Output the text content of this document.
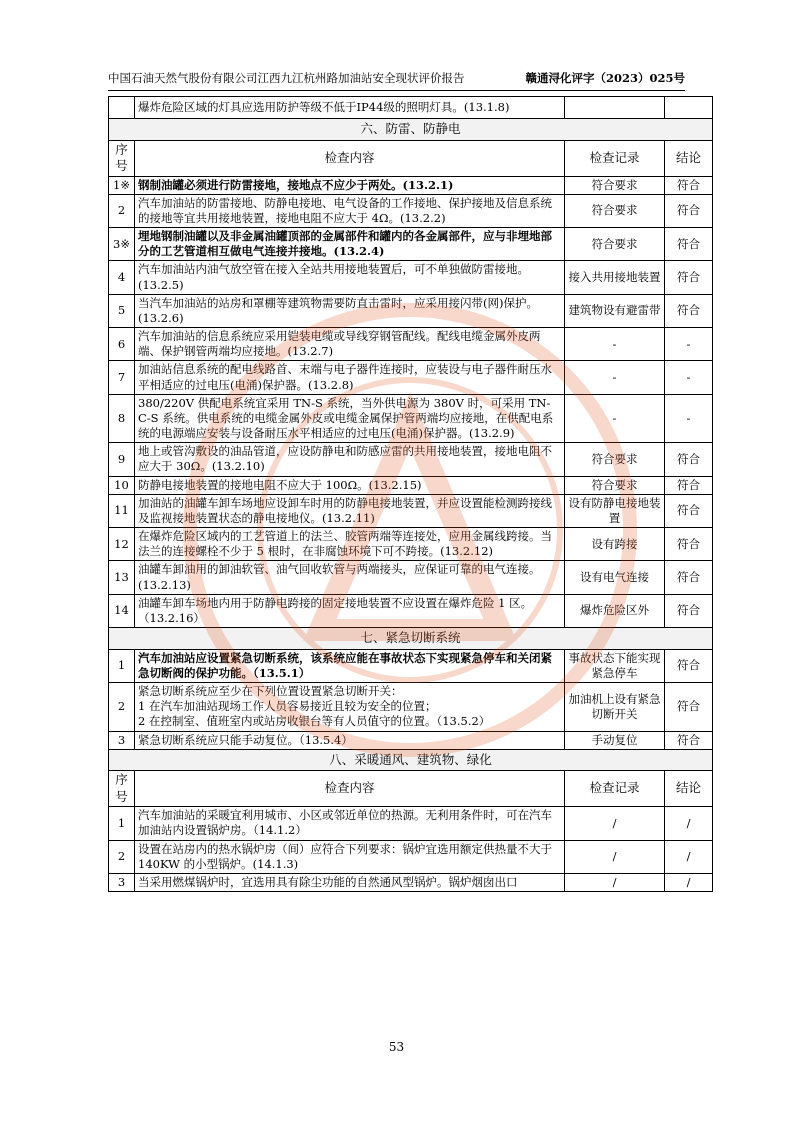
中国石油天然气股份有限公司江西九江杭州路加油站安全现状评价报告	赣通浔化评字（2023）025号
	爆炸危险区域的灯具应选用防护等级不低于IP44级的照明灯具。(13.1.8)		
六、防雷、防静电			
序号	检查内容	检查记录	结论
1※	钢制油罐必须进行防雷接地，接地点不应少于两处。(13.2.1)	符合要求	符合
2	汽车加油站的防雷接地、防静电接地、电气设备的工作接地、保护接地及信息系统的接地等宜共用接地装置，接地电阻不应大于 4Ω。(13.2.2)	符合要求	符合
3※	埋地钢制油罐以及非金属油罐顶部的金属部件和罐内的各金属部件，应与非埋地部分的工艺管道相互做电气连接并接地。(13.2.4)	符合要求	符合
4	汽车加油站内油气放空管在接入全站共用接地装置后，可不单独做防雷接地。(13.2.5)	接入共用接地装置	符合
5	当汽车加油站的站房和罩棚等建筑物需要防直击雷时，应采用接闪带(网)保护。(13.2.6)	建筑物设有避雷带	符合
6	汽车加油站的信息系统应采用铠装电缆或导线穿钢管配线。配线电缆金属外皮两端、保护钢管两端均应接地。(13.2.7)	-	-
7	加油站信息系统的配电线路首、末端与电子器件连接时，应装设与电子器件耐压水平相适应的过电压(电涌)保护器。(13.2.8)	-	-
8	380/220V 供配电系统宜采用 TN-S 系统，当外供电源为 380V 时，可采用 TN-C-S 系统。供电系统的电缆金属外皮或电缆金属保护管两端均应接地，在供配电系统的电源端应安装与设备耐压水平相适应的过电压(电涌)保护器。(13.2.9)	-	-
9	地上或管沟敷设的油品管道，应设防静电和防感应雷的共用接地装置，接地电阻不应大于 30Ω。(13.2.10)	符合要求	符合
10	防静电接地装置的接地电阻不应大于 100Ω。(13.2.15)	符合要求	符合
11	加油站的油罐车卸车场地应设卸车时用的防静电接地装置，并应设置能检测跨接线及监视接地装置状态的静电接地仪。(13.2.11)	设有防静电接地装置	符合
12	在爆炸危险区域内的工艺管道上的法兰、胶管两端等连接处，应用金属线跨接。当法兰的连接螺栓不少于 5 根时，在非腐蚀环境下可不跨接。(13.2.12)	设有跨接	符合
13	油罐车卸油用的卸油软管、油气回收软管与两端接头，应保证可靠的电气连接。(13.2.13)	设有电气连接	符合
14	油罐车卸车场地内用于防静电跨接的固定接地装置不应设置在爆炸危险 1 区。（13.2.16）	爆炸危险区外	符合
七、紧急切断系统			
1	汽车加油站应设置紧急切断系统，该系统应能在事故状态下实现紧急停车和关闭紧急切断阀的保护功能。（13.5.1）	事故状态下能实现紧急停车	符合
2	紧急切断系统应至少在下列位置设置紧急切断开关：
1 在汽车加油站现场工作人员容易接近且较为安全的位置；
2 在控制室、值班室内或站房收银台等有人员值守的位置。（13.5.2）	加油机上设有紧急切断开关	符合
3	紧急切断系统应只能手动复位。（13.5.4）	手动复位	符合
八、采暖通风、建筑物、绿化			
序号	检查内容	检查记录	结论
1	汽车加油站的采暖宜利用城市、小区或邻近单位的热源。无利用条件时，可在汽车加油站内设置锅炉房。（14.1.2）	/	/
2	设置在站房内的热水锅炉房（间）应符合下列要求：锅炉宜选用额定供热量不大于 140KW 的小型锅炉。(14.1.3)	/	/
3	当采用燃煤锅炉时，宜选用具有除尘功能的自然通风型锅炉。锅炉烟囱出口	/	/
53
